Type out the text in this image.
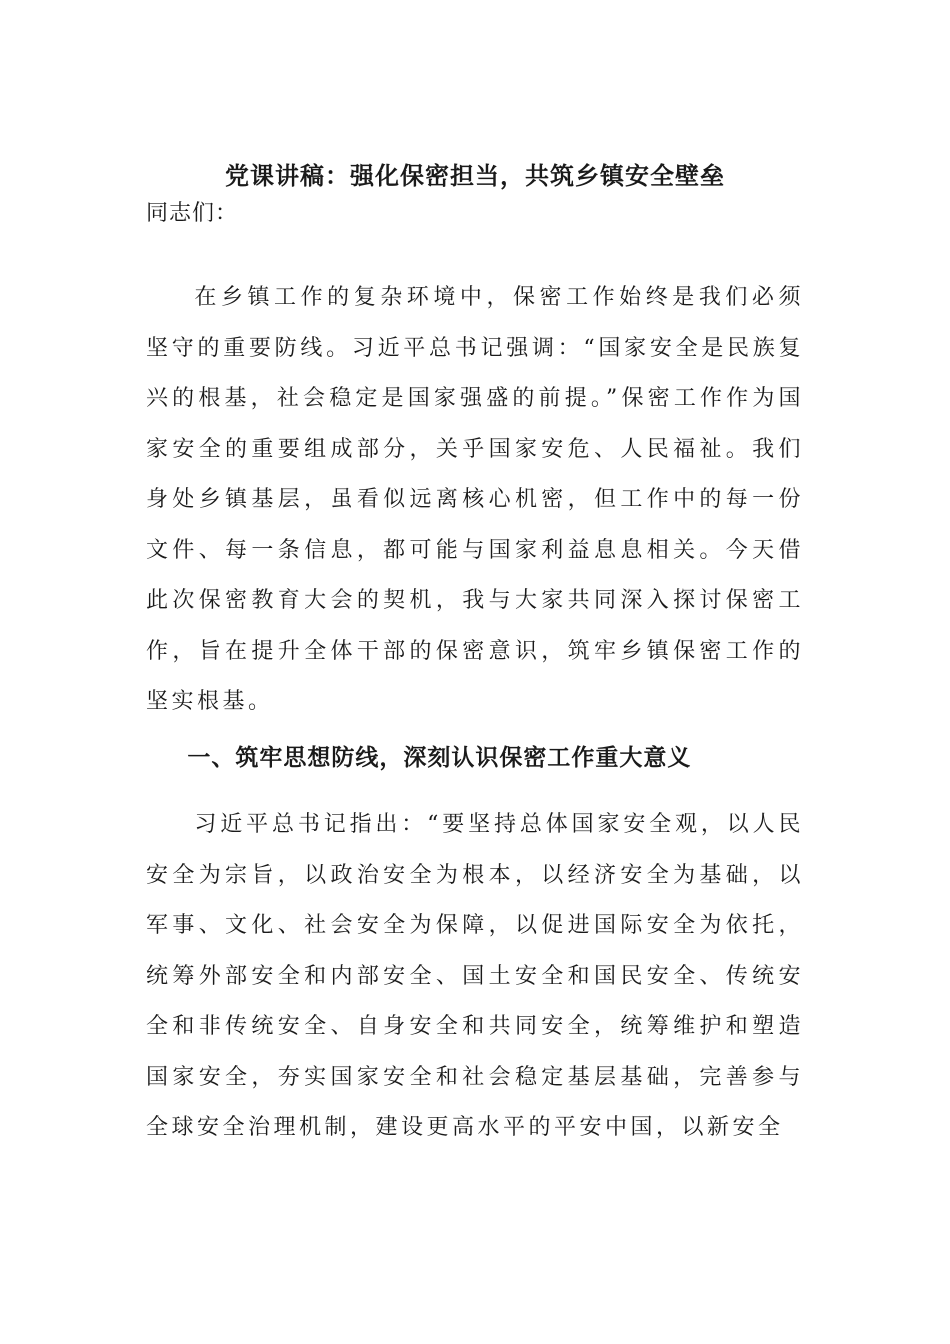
党课讲稿：强化保密担当，共筑乡镇安全壁垒

同志们：

在乡镇工作的复杂环境中，保密工作始终是我们必须坚守的重要防线。习近平总书记强调：“国家安全是民族复兴的根基，社会稳定是国家强盛的前提。”保密工作作为国家安全的重要组成部分，关乎国家安危、人民福祉。我们身处乡镇基层，虽看似远离核心机密，但工作中的每一份文件、每一条信息，都可能与国家利益息息相关。今天借此次保密教育大会的契机，我与大家共同深入探讨保密工作，旨在提升全体干部的保密意识，筑牢乡镇保密工作的坚实根基。

一、筑牢思想防线，深刻认识保密工作重大意义

习近平总书记指出：“要坚持总体国家安全观，以人民安全为宗旨，以政治安全为根本，以经济安全为基础，以军事、文化、社会安全为保障，以促进国际安全为依托，统筹外部安全和内部安全、国土安全和国民安全、传统安全和非传统安全、自身安全和共同安全，统筹维护和塑造国家安全，夯实国家安全和社会稳定基层基础，完善参与全球安全治理机制，建设更高水平的平安中国，以新安全
